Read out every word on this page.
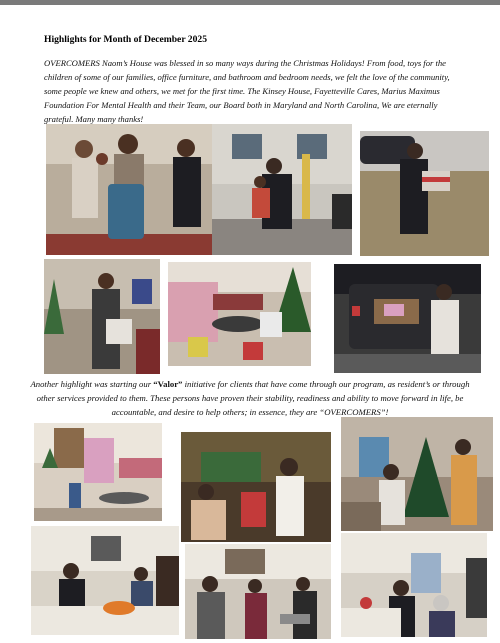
Highlights for Month of December 2025

OVERCOMERS Naom’s House was blessed in so many ways during the Christmas Holidays! From food, toys for the children of some of our families, office furniture, and bathroom and bedroom needs, we felt the love of the community, some people we knew and others, we met for the first time. The Kinsey House, Fayetteville Cares, Marius Maximus Foundation For Mental Health and their Team, our Board both in Maryland and North Carolina, We are eternally grateful. Many many thanks!

Another highlight was starting our “Valor” initiative for clients that have come through our program, as resident’s or through other services provided to them. These persons have proven their stability, readiness and ability to move forward in life, be accountable, and desire to help others; in essence, they are “OVERCOMERS”!
